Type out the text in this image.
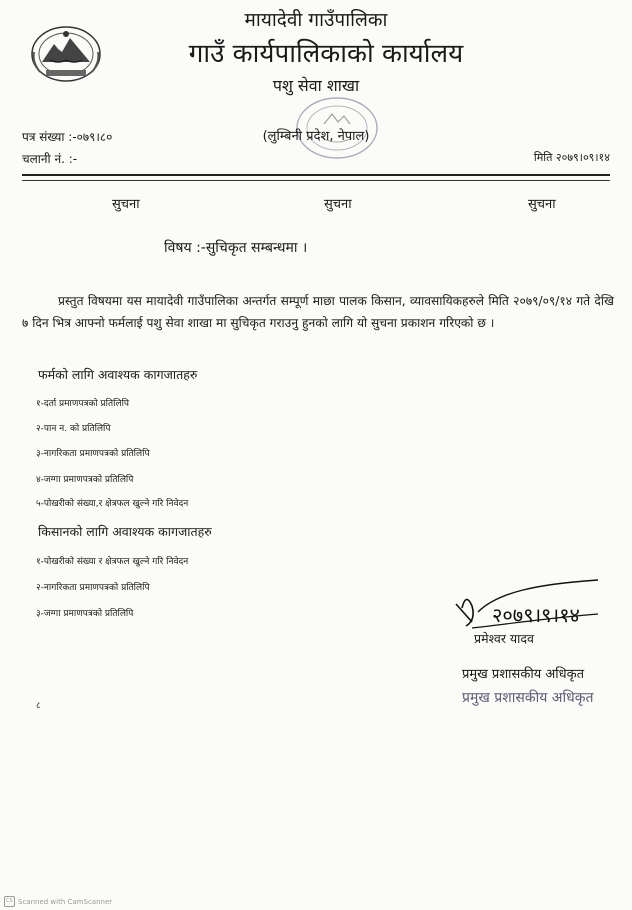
मायादेवी गाउँपालिका
गाउँ कार्यपालिकाको कार्यालय
पशु सेवा शाखा
(लुम्बिनी प्रदेश, नेपाल)
पत्र संख्या :-०७९।८०
चलानी नं. :-	मिति २०७९।०९।१४
सुचना	सुचना	सुचना
विषय :-सुचिकृत सम्बन्धमा ।
प्रस्तुत विषयमा यस मायादेवी गाउँपालिका अन्तर्गत सम्पूर्ण माछा पालक किसान, व्यावसायिकहरुले मिति २०७९/०९/१४ गते देखि ७ दिन भित्र आफ्नो फर्मलाई पशु सेवा शाखा मा सुचिकृत गराउनु हुनको लागि यो सुचना प्रकाशन गरिएको छ ।
फर्मको लागि अवाश्यक कागजातहरु
१-दर्ता प्रमाणपत्रको प्रतिलिपि
२-पान न. को प्रतिलिपि
३-नागरिकता प्रमाणपत्रको प्रतिलिपि
४-जग्गा प्रमाणपत्रको प्रतिलिपि
५-पोखरीको संख्या,र क्षेत्रफल खुल्ने गरि निवेदन
किसानको लागि अवाश्यक कागजातहरु
१-पोखरीको संख्या र क्षेत्रफल खुल्ने गरि निवेदन
२-नागरिकता प्रमाणपत्रको प्रतिलिपि
३-जग्गा प्रमाणपत्रको प्रतिलिपि	२०७९।९।१४
प्रमेश्वर यादव
प्रमुख प्रशासकीय अधिकृत
प्रमुख प्रशासकीय अधिकृत
८
CS Scanned with CamScanner
